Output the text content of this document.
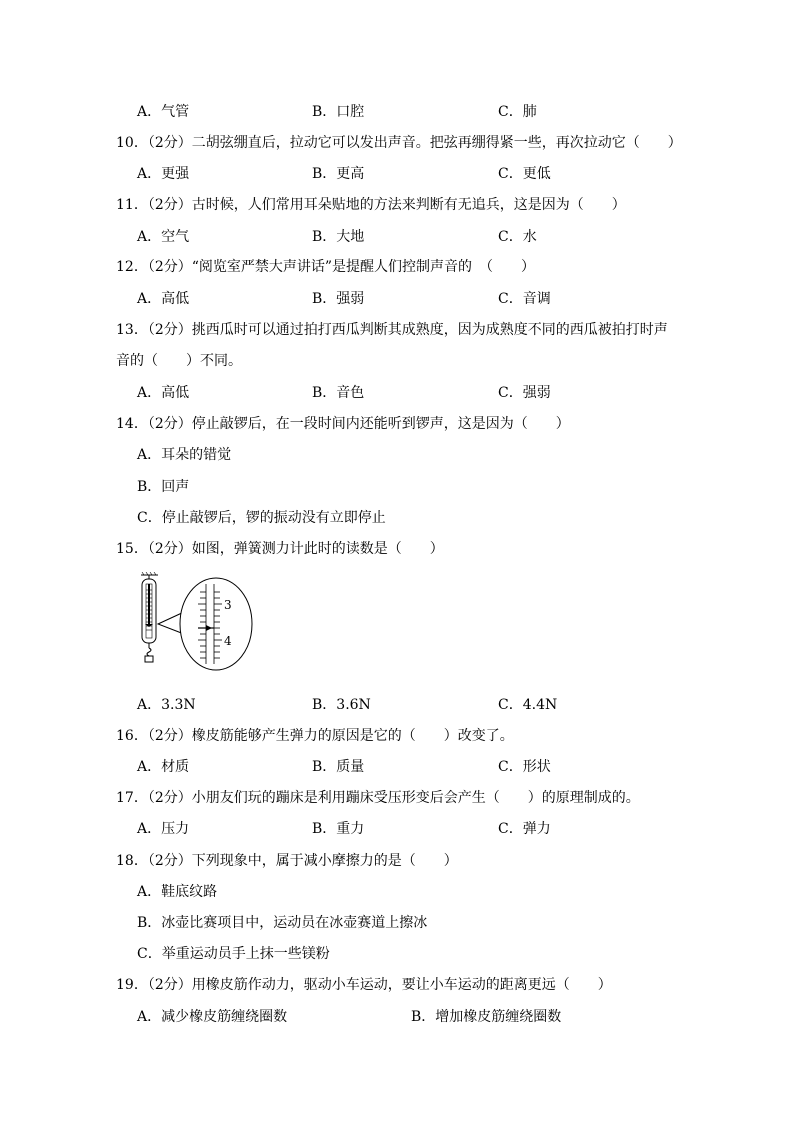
A．气管	B．口腔	C．肺
10．（2分）二胡弦绷直后，拉动它可以发出声音。把弦再绷得紧一些，再次拉动它（　　）
A．更强	B．更高	C．更低
11．（2分）古时候，人们常用耳朵贴地的方法来判断有无追兵，这是因为（　　）
A．空气	B．大地	C．水
12．（2分）“阅览室严禁大声讲话”是提醒人们控制声音的　（　　）
A．高低	B．强弱	C．音调
13．（2分）挑西瓜时可以通过拍打西瓜判断其成熟度，因为成熟度不同的西瓜被拍打时声
音的（　　）不同。
A．高低	B．音色	C．强弱
14．（2分）停止敲锣后，在一段时间内还能听到锣声，这是因为（　　）
A．耳朵的错觉
B．回声
C．停止敲锣后，锣的振动没有立即停止
15．（2分）如图，弹簧测力计此时的读数是（　　）
3
4
A．3.3N	B．3.6N	C．4.4N
16．（2分）橡皮筋能够产生弹力的原因是它的（　　）改变了。
A．材质	B．质量	C．形状
17．（2分）小朋友们玩的蹦床是利用蹦床受压形变后会产生（　　）的原理制成的。
A．压力	B．重力	C．弹力
18．（2分）下列现象中，属于减小摩擦力的是（　　）
A．鞋底纹路
B．冰壶比赛项目中，运动员在冰壶赛道上擦冰
C．举重运动员手上抹一些镁粉
19．（2分）用橡皮筋作动力，驱动小车运动，要让小车运动的距离更远（　　）
A．减少橡皮筋缠绕圈数	B．增加橡皮筋缠绕圈数
